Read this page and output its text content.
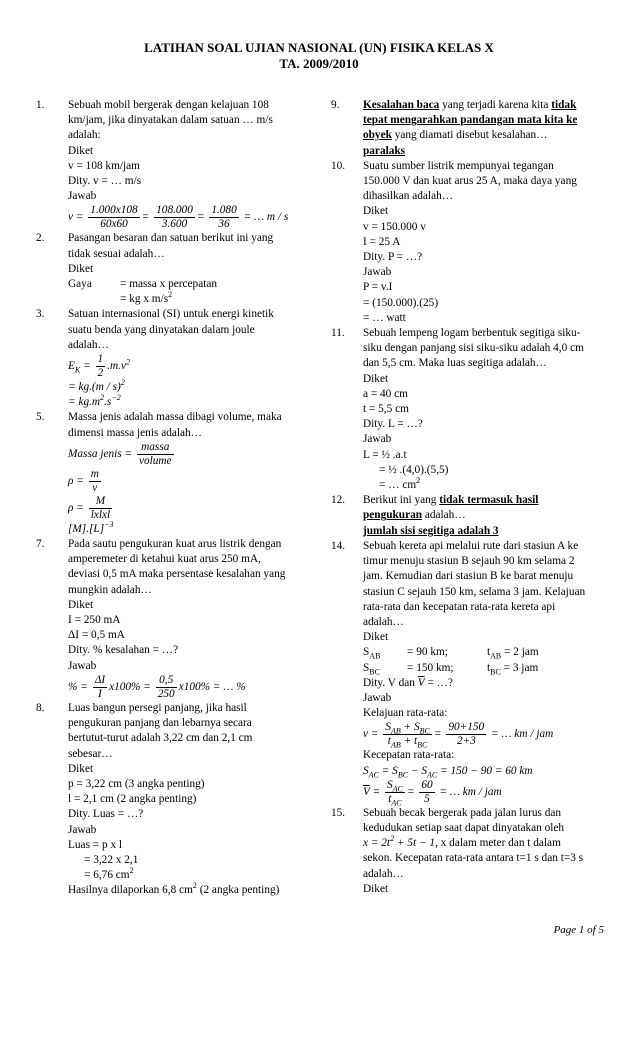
LATIHAN SOAL UJIAN NASIONAL (UN) FISIKA KELAS X
TA. 2009/2010
1. Sebuah mobil bergerak dengan kelajuan 108
km/jam, jika dinyatakan dalam satuan … m/s
adalah:
Diket
v = 108 km/jam
Dity. v = … m/s
Jawab
$v = \frac{1.000x108}{60x60} = \frac{108.000}{3.600} = \frac{1.080}{36}$ = … m / s
2. Pasangan besaran dan satuan berikut ini yang
tidak sesuai adalah…
Diket
Gaya = massa x percepatan
= kg x $m/s^2$
3. Satuan internasional (SI) untuk energi kinetik
suatu benda yang dinyatakan dalam joule
adalah…
$E_K = \frac{1}{2} .m.v^2$
= kg.(m / s)$^2$
= $kg.m^2.s^{-2}$
5. Massa jenis adalah massa dibagi volume, maka
dimensi massa jenis adalah…
Massa jenis = $\frac{\text{massa}}{\text{volume}}$
$\rho = \frac{m}{v}$
$\rho = \frac{M}{\text{lxlxl}}$
$[M].[L]^{-3}$
7. Pada sautu pengukuran kuat arus listrik dengan
amperemeter di ketahui kuat arus 250 mA,
deviasi 0,5 mA maka persentase kesalahan yang
mungkin adalah…
Diket
I = 250 mA
ΔI = 0,5 mA
Dity. % kesalahan = …?
Jawab
% = $\frac{\Delta I}{I} x100\% = \frac{0,5}{250} x100\%$ = … %
8. Luas bangun persegi panjang, jika hasil
pengukuran panjang dan lebarnya secara
bertutut-turut adalah 3,22 cm dan 2,1 cm
sebesar…
Diket
p = 3,22 cm (3 angka penting)
l = 2,1 cm (2 angka penting)
Dity. Luas = …?
Jawab
Luas = p x l
= 3,22 x 2,1
= 6,76 $cm^2$
Hasilnya dilaporkan 6,8 $cm^2$ (2 angka penting)
9. Kesalahan baca yang terjadi karena kita tidak
tepat mengarahkan pandangan mata kita ke
obyek yang diamati disebut kesalahan…
paralaks
10. Suatu sumber listrik mempunyai tegangan
150.000 V dan kuat arus 25 A, maka daya yang
dihasilkan adalah…
Diket
v = 150.000 v
I = 25 A
Dity. P = …?
Jawab
P = v.I
= (150.000).(25)
= … watt
11. Sebuah lempeng logam berbentuk segitiga siku-
siku dengan panjang sisi siku-siku adalah 4,0 cm
dan 5,5 cm. Maka luas segitiga adalah…
Diket
a = 40 cm
t = 5,5 cm
Dity. L = …?
Jawab
L = ½ .a.t
= ½ .(4,0).(5,5)
= … $cm^2$
12. Berikut ini yang tidak termasuk hasil
pengukuran adalah…
jumlah sisi segitiga adalah 3
14. Sebuah kereta api melalui rute dari stasiun A ke
timur menuju stasiun B sejauh 90 km selama 2
jam. Kemudian dari stasiun B ke barat menuju
stasiun C sejauh 150 km, selama 3 jam. Kelajuan
rata-rata dan kecepatan rata-rata kereta api
adalah…
Diket
$S_{AB} = 90$ km;	$t_{AB} = 2$ jam
$S_{BC} = 150$ km;	$t_{BC} = 3$ jam
Dity. V dan $\overline{V}$ = …?
Jawab
Kelajuan rata-rata:
$v = \frac{S_{AB} + S_{BC}}{t_{AB} + t_{BC}} = \frac{90+150}{2+3}$ = … km / jam
Kecepatan rata-rata:
$S_{AC} = S_{BC} - S_{AC} = 150 - 90 = 60$ km
$\overline{V} = \frac{S_{AC}}{t_{AC}} = \frac{60}{5}$ = … km / jam
15. Sebuah becak bergerak pada jalan lurus dan
kedudukan setiap saat dapat dinyatakan oleh
$x = 2t^2 + 5t - 1$, x dalam meter dan t dalam
sekon. Kecepatan rata-rata antara t=1 s dan t=3 s
adalah…
Diket
Page 1 of 5
